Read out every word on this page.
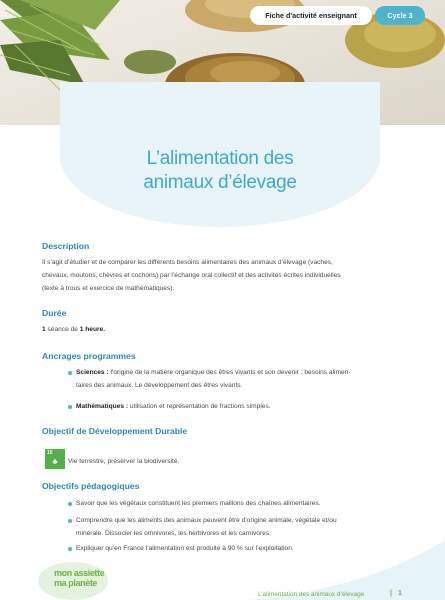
Fiche d'activité enseignant	Cycle 3
L’alimentation des
animaux d’élevage
Description
Il s’agit d’étudier et de comparer les différents besoins alimentaires des animaux d’élevage (vaches,
chevaux, moutons, chèvres et cochons) par l’échange oral collectif et des activités écrites individuelles
(texte à trous et exercice de mathématiques).
Durée
1 séance de 1 heure.
Ancrages programmes
Sciences : l’origine de la matière organique des êtres vivants et son devenir : besoins alimen-
taires des animaux. Le développement des êtres vivants.
Mathématiques : utilisation et représentation de fractions simples.
Objectif de Développement Durable
15
♣	Vie terrestre, préserver la biodiversité.
Objectifs pédagogiques
Savoir que les végétaux constituent les premiers maillons des chaînes alimentaires.
Comprendre que les aliments des animaux peuvent être d’origine animale, végétale et/ou
minérale. Dissocier les omnivores, les herbivores et les carnivores.
Expliquer qu’en France l’alimentation est produite à 90 % sur l’exploitation.
mon assiette
ma planète
L’alimentation des animaux d’élevage	| 1
